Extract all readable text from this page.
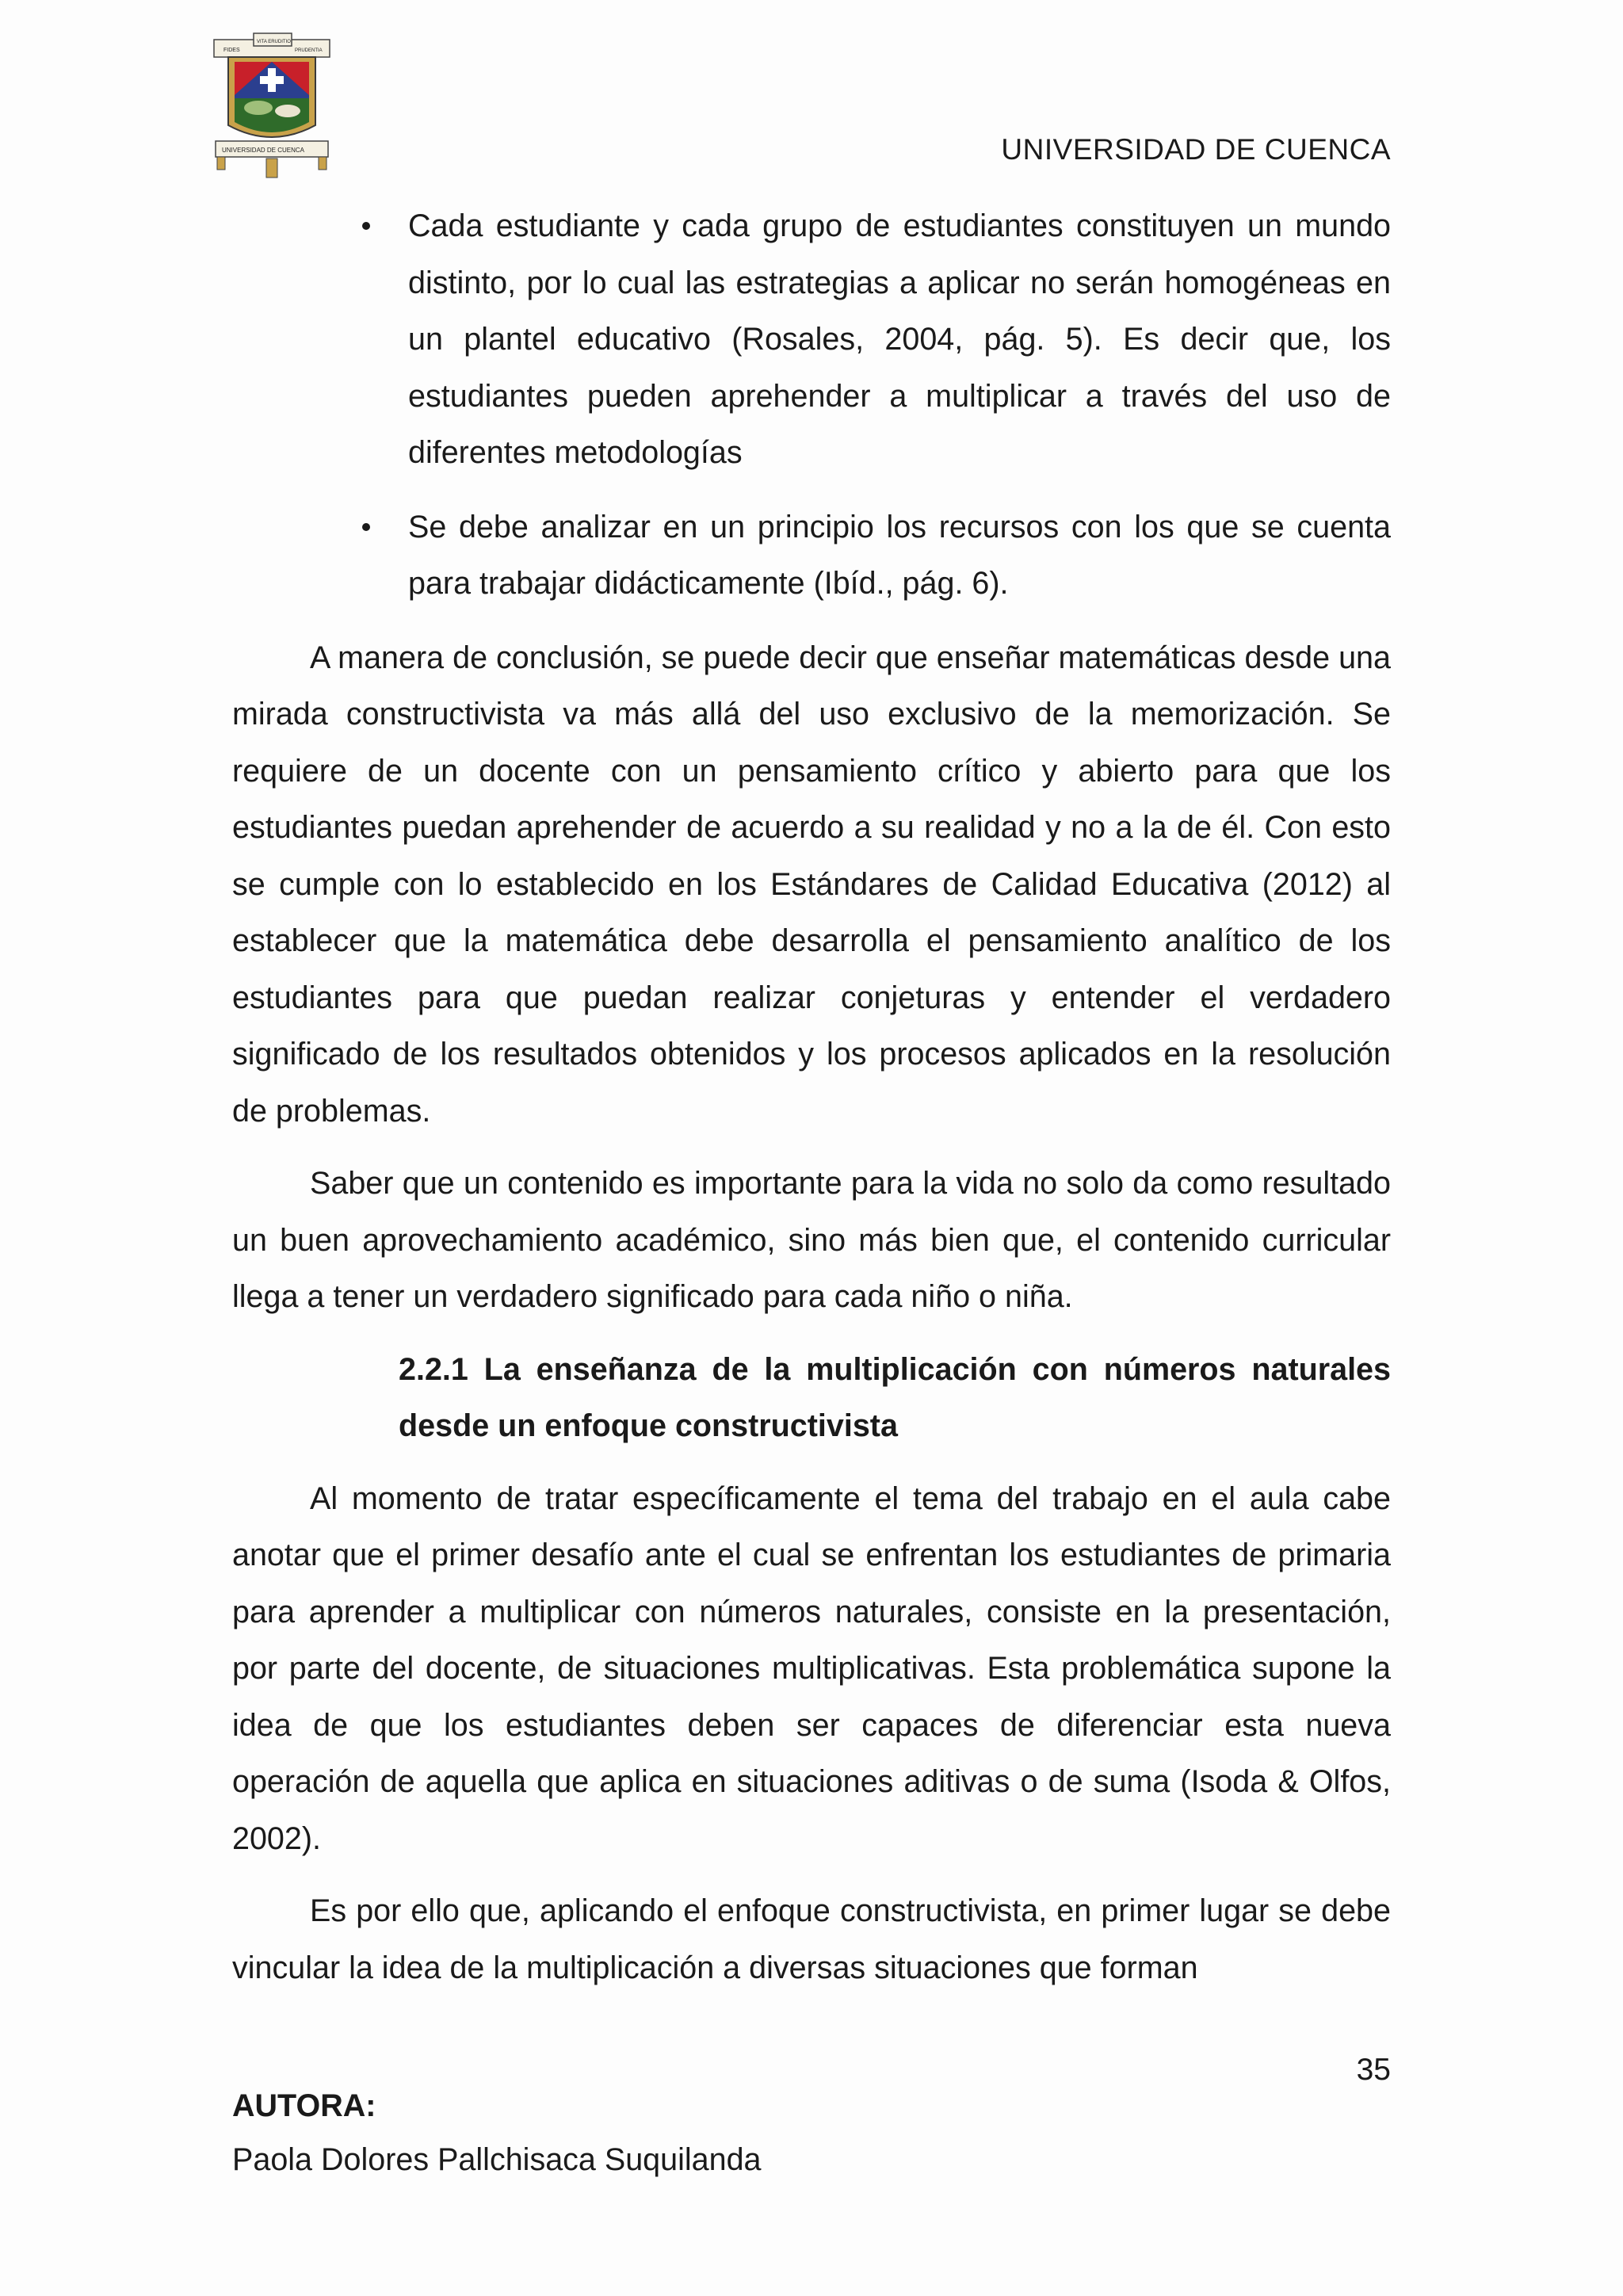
FIDES
VITA ERUDITIO
PRUDENTIA
UNIVERSIDAD DE CUENCA	UNIVERSIDAD DE CUENCA
Cada estudiante y cada grupo de estudiantes constituyen un mundo distinto, por lo cual las estrategias a aplicar no serán homogéneas en un plantel educativo (Rosales, 2004, pág. 5). Es decir que, los estudiantes pueden aprehender a multiplicar a través del uso de diferentes metodologías
Se debe analizar en un principio los recursos con los que se cuenta para trabajar didácticamente (Ibíd., pág. 6).

A manera de conclusión, se puede decir que enseñar matemáticas desde una mirada constructivista va más allá del uso exclusivo de la memorización. Se requiere de un docente con un pensamiento crítico y abierto para que los estudiantes puedan aprehender de acuerdo a su realidad y no a la de él. Con esto se cumple con lo establecido en los Estándares de Calidad Educativa (2012) al establecer que la matemática debe desarrolla el pensamiento analítico de los estudiantes para que puedan realizar conjeturas y entender el verdadero significado de los resultados obtenidos y los procesos aplicados en la resolución de problemas.

Saber que un contenido es importante para la vida no solo da como resultado un buen aprovechamiento académico, sino más bien que, el contenido curricular llega a tener un verdadero significado para cada niño o niña.

2.2.1 La enseñanza de la multiplicación con números naturales desde un enfoque constructivista

Al momento de tratar específicamente el tema del trabajo en el aula cabe anotar que el primer desafío ante el cual se enfrentan los estudiantes de primaria para aprender a multiplicar con números naturales, consiste en la presentación, por parte del docente, de situaciones multiplicativas. Esta problemática supone la idea de que los estudiantes deben ser capaces de diferenciar esta nueva operación de aquella que aplica en situaciones aditivas o de suma (Isoda & Olfos, 2002).

Es por ello que, aplicando el enfoque constructivista, en primer lugar se debe vincular la idea de la multiplicación a diversas situaciones que forman

35
AUTORA:
Paola Dolores Pallchisaca Suquilanda
